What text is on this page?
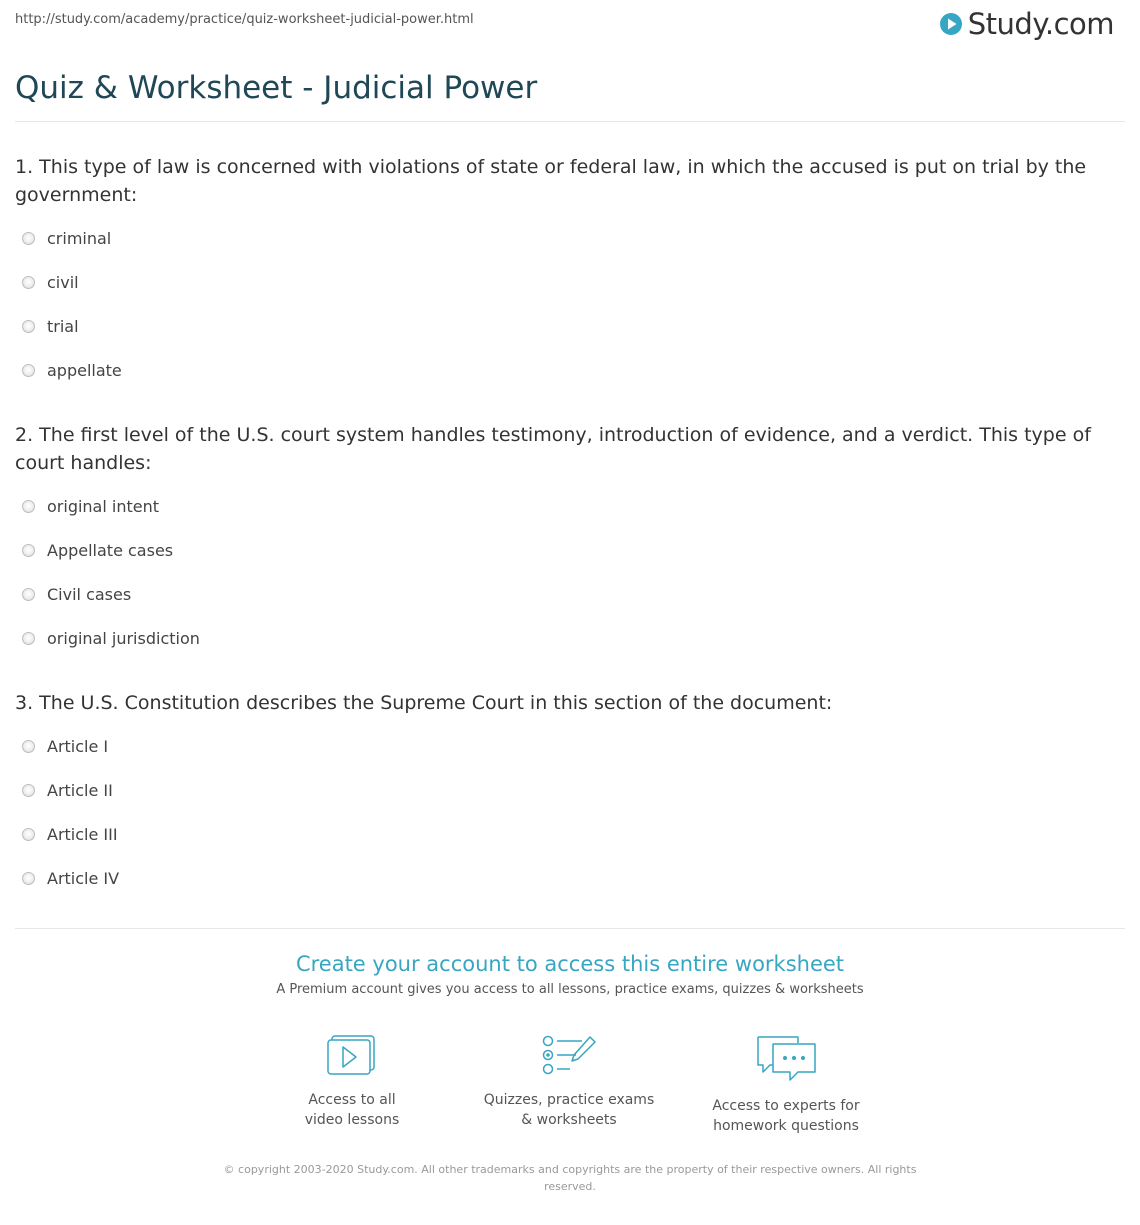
http://study.com/academy/practice/quiz-worksheet-judicial-power.html	Study.com
Quiz & Worksheet - Judicial Power
1. This type of law is concerned with violations of state or federal law, in which the accused is put on trial by the government:
criminal
civil
trial
appellate
2. The first level of the U.S. court system handles testimony, introduction of evidence, and a verdict. This type of court handles:
original intent
Appellate cases
Civil cases
original jurisdiction
3. The U.S. Constitution describes the Supreme Court in this section of the document:
Article I
Article II
Article III
Article IV
Create your account to access this entire worksheet
A Premium account gives you access to all lessons, practice exams, quizzes & worksheets
Access to all
video lessons
Quizzes, practice exams
& worksheets
Access to experts for
homework questions
© copyright 2003-2020 Study.com. All other trademarks and copyrights are the property of their respective owners. All rights reserved.
